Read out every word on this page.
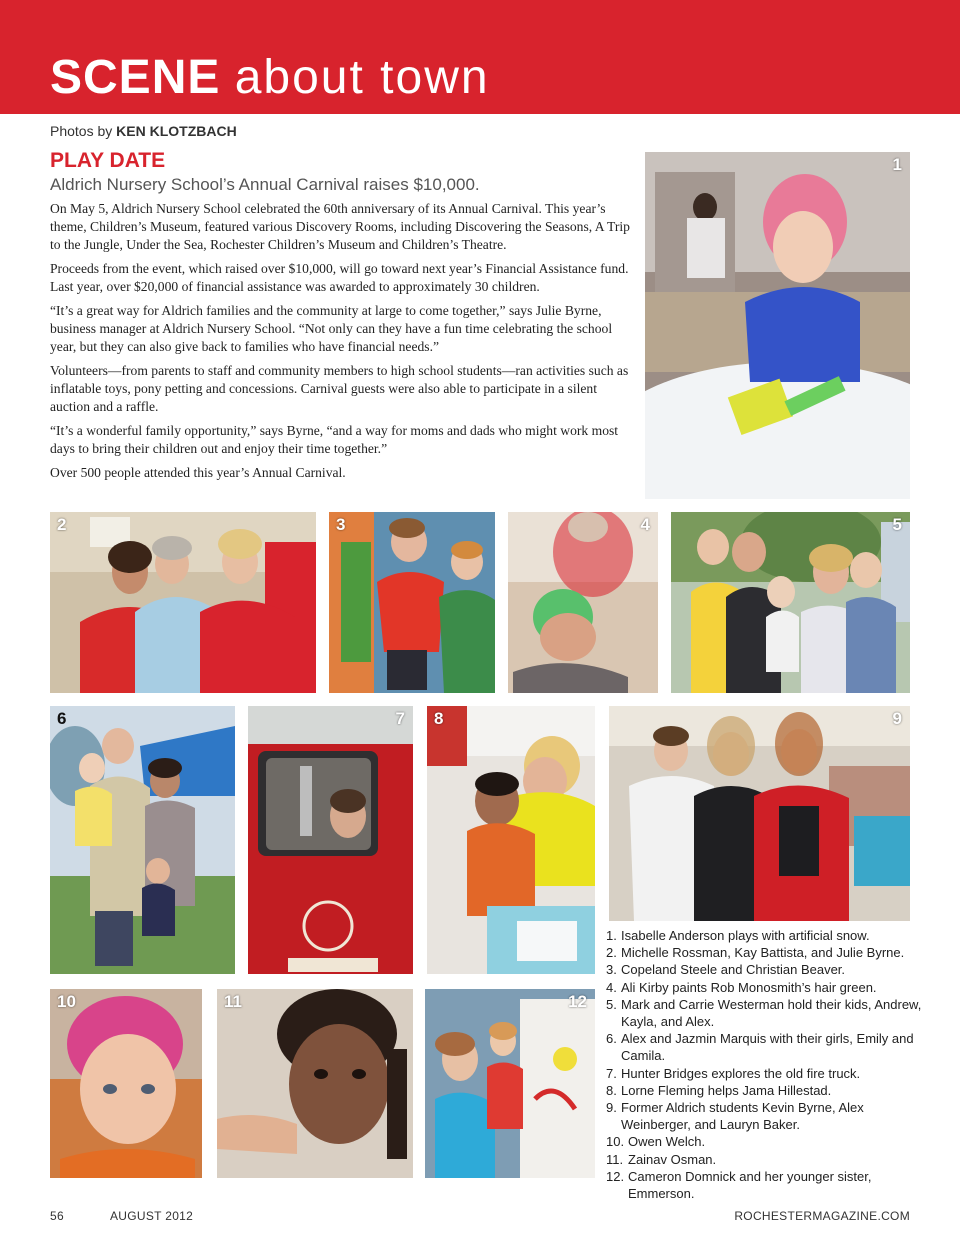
SCENE about town
Photos by KEN KLOTZBACH
PLAY DATE
Aldrich Nursery School’s Annual Carnival raises $10,000.

On May 5, Aldrich Nursery School celebrated the 60th anniversary of its Annual Carnival. This year’s theme, Children’s Museum, featured various Discovery Rooms, including Discovering the Seasons, A Trip to the Jungle, Under the Sea, Rochester Children’s Museum and Children’s Theatre.

Proceeds from the event, which raised over $10,000, will go toward next year’s Financial Assistance fund. Last year, over $20,000 of financial assistance was awarded to approximately 30 children.

“It’s a great way for Aldrich families and the community at large to come together,” says Julie Byrne, business manager at Aldrich Nursery School. “Not only can they have a fun time celebrating the school year, but they can also give back to families who have financial needs.”

Volunteers—from parents to staff and community members to high school students—ran activities such as inflatable toys, pony petting and concessions. Carnival guests were also able to participate in a silent auction and a raffle.

“It’s a wonderful family opportunity,” says Byrne, “and a way for moms and dads who might work most days to bring their children out and enjoy their time together.”

Over 500 people attended this year’s Annual Carnival.

1
2	3	4	5
6	7 8	9
10	11	12
1. Isabelle Anderson plays with artificial snow.
2. Michelle Rossman, Kay Battista, and Julie Byrne.
3. Copeland Steele and Christian Beaver.
4. Ali Kirby paints Rob Monosmith’s hair green.
5. Mark and Carrie Westerman hold their kids, Andrew, Kayla, and Alex.
6. Alex and Jazmin Marquis with their girls, Emily and Camila.
7. Hunter Bridges explores the old fire truck.
8. Lorne Fleming helps Jama Hillestad.
9. Former Aldrich students Kevin Byrne, Alex Weinberger, and Lauryn Baker.
10. Owen Welch.
11. Zainav Osman.
12. Cameron Domnick and her younger sister, Emmerson.
56	AUGUST 2012	ROCHESTERMAGAZINE.COM
